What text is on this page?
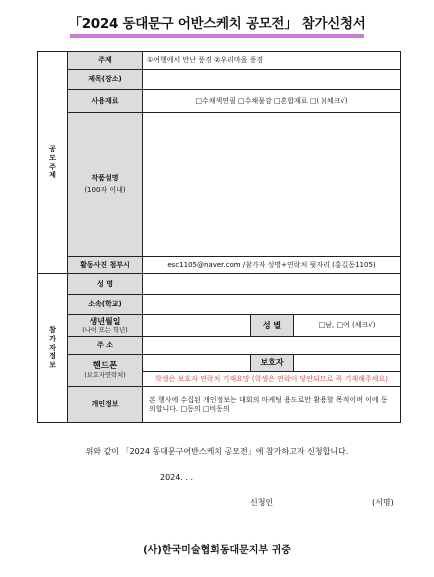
「2024 동대문구 어반스케치 공모전」 참가신청서
공
모
주
제	주제	①여행에서 만난 풍경 ②우리마을 풍경		
	제목(장소)			
	사용재료	□수채색연필 □수채물감 □혼합재료 □( )(체크√)		
	작품설명
(100자 이내)			

	활동사진 첨부시	esc1105@naver.com /참가자 성명+연락처 뒷자리 (홍길동1105)		
참
가
자
정
보	성 명			
	소속(학교)			
	생년월일
(나이 또는 학년)		성 별	□남, □여 (체크√)
	주 소			
	핸드폰
(보호자연락처)		보호자	
		학생은 보호자 연락처 기재요망 (학생은 연락이 닿안되므로 꼭 기재해주세요)		
	개인정보	본 행사에 수집된 개인정보는 대회의 마케팅 용도로만 활용할 목적이며 이에 동의합니다. □동의 □비동의		
위와 같이 「2024 동대문구어반스케치 공모전」에 참가하고자 신청합니다.
2024. . .
신청인	(서명)
(사)한국미술협회동대문지부 귀중
